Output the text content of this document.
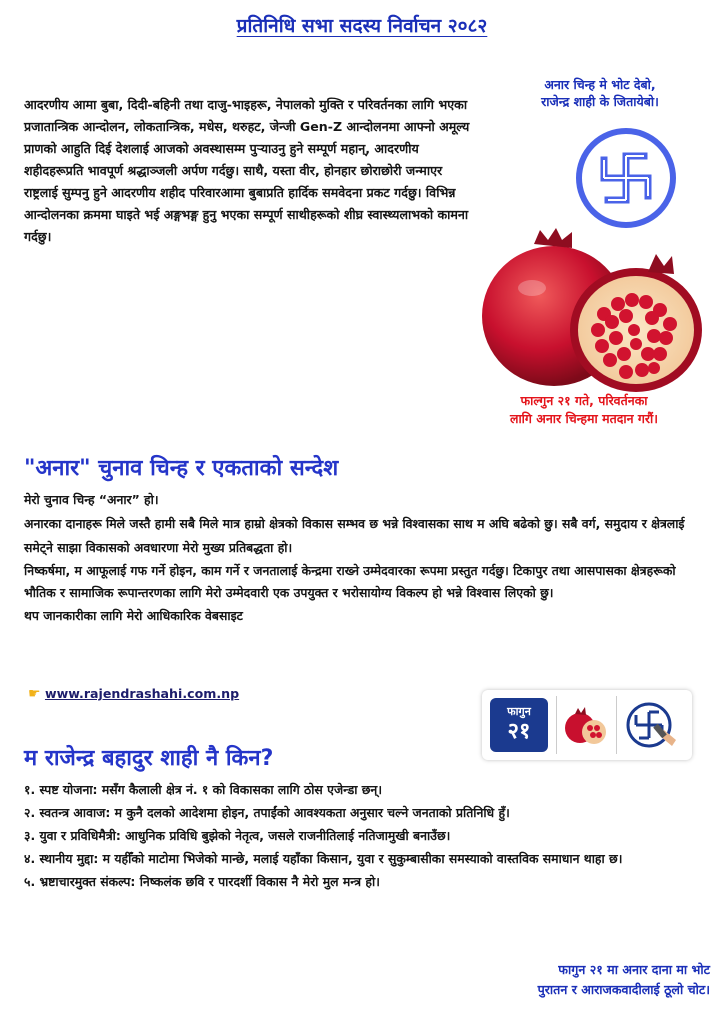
प्रतिनिधि सभा सदस्य निर्वाचन २०८२
आदरणीय आमा बुबा, दिदी-बहिनी तथा दाजु-भाइहरू, नेपालको मुक्ति र परिवर्तनका लागि भएका प्रजातान्त्रिक आन्दोलन, लोकतान्त्रिक, मधेस, थरुहट, जेन्जी Gen-Z आन्दोलनमा आफ्नो अमूल्य प्राणको आहुति दिई देशलाई आजको अवस्थासम्म पुर्‍याउनु हुने सम्पूर्ण महान्, आदरणीय शहीदहरूप्रति भावपूर्ण श्रद्धाञ्जली अर्पण गर्दछु। साथै, यस्ता वीर, होनहार छोराछोरी जन्माएर राष्ट्रलाई सुम्पनु हुने आदरणीय शहीद परिवारआमा बुबाप्रति हार्दिक समवेदना प्रकट गर्दछु। विभिन्न आन्दोलनका क्रममा घाइते भई अङ्गभङ्ग हुनु भएका सम्पूर्ण साथीहरूको शीघ्र स्वास्थ्यलाभको कामना गर्दछु।
अनार चिन्ह मे भोट देबो,
राजेन्द्र शाही के जितायेबो।
फाल्गुन २१ गते, परिवर्तनका
लागि अनार चिन्हमा मतदान गरौं।
"अनार" चुनाव चिन्ह र एकताको सन्देश

मेरो चुनाव चिन्ह “अनार” हो।

अनारका दानाहरू मिले जस्तै हामी सबै मिले मात्र हाम्रो क्षेत्रको विकास सम्भव छ भन्ने विश्वासका साथ म अघि बढेको छु। सबै वर्ग, समुदाय र क्षेत्रलाई समेट्ने साझा विकासको अवधारणा मेरो मुख्य प्रतिबद्धता हो।

निष्कर्षमा, म आफूलाई गफ गर्ने होइन, काम गर्ने र जनतालाई केन्द्रमा राख्ने उम्मेदवारका रूपमा प्रस्तुत गर्दछु। टिकापुर तथा आसपासका क्षेत्रहरूको भौतिक र सामाजिक रूपान्तरणका लागि मेरो उम्मेदवारी एक उपयुक्त र भरोसायोग्य विकल्प हो भन्ने विश्वास लिएको छु।

थप जानकारीका लागि मेरो आधिकारिक वेबसाइट

☛ www.rajendrashahi.com.np
फागुन
२१
म राजेन्द्र बहादुर शाही नै किन?

१. स्पष्ट योजना: मसँग कैलाली क्षेत्र नं. १ को विकासका लागि ठोस एजेन्डा छन्।

२. स्वतन्त्र आवाज: म कुनै दलको आदेशमा होइन, तपाईंको आवश्यकता अनुसार चल्ने जनताको प्रतिनिधि हुँ।

३. युवा र प्रविधिमैत्री: आधुनिक प्रविधि बुझेको नेतृत्व, जसले राजनीतिलाई नतिजामुखी बनाउँछ।

४. स्थानीय मुद्दा: म यहीँको माटोमा भिजेको मान्छे, मलाई यहाँका किसान, युवा र सुकुम्बासीका समस्याको वास्तविक समाधान थाहा छ।

५. भ्रष्टाचारमुक्त संकल्प: निष्कलंक छवि र पारदर्शी विकास नै मेरो मुल मन्त्र हो।

फागुन २१ मा अनार दाना मा भोट
पुरातन र आराजकवादीलाई ठूलो चोट।
